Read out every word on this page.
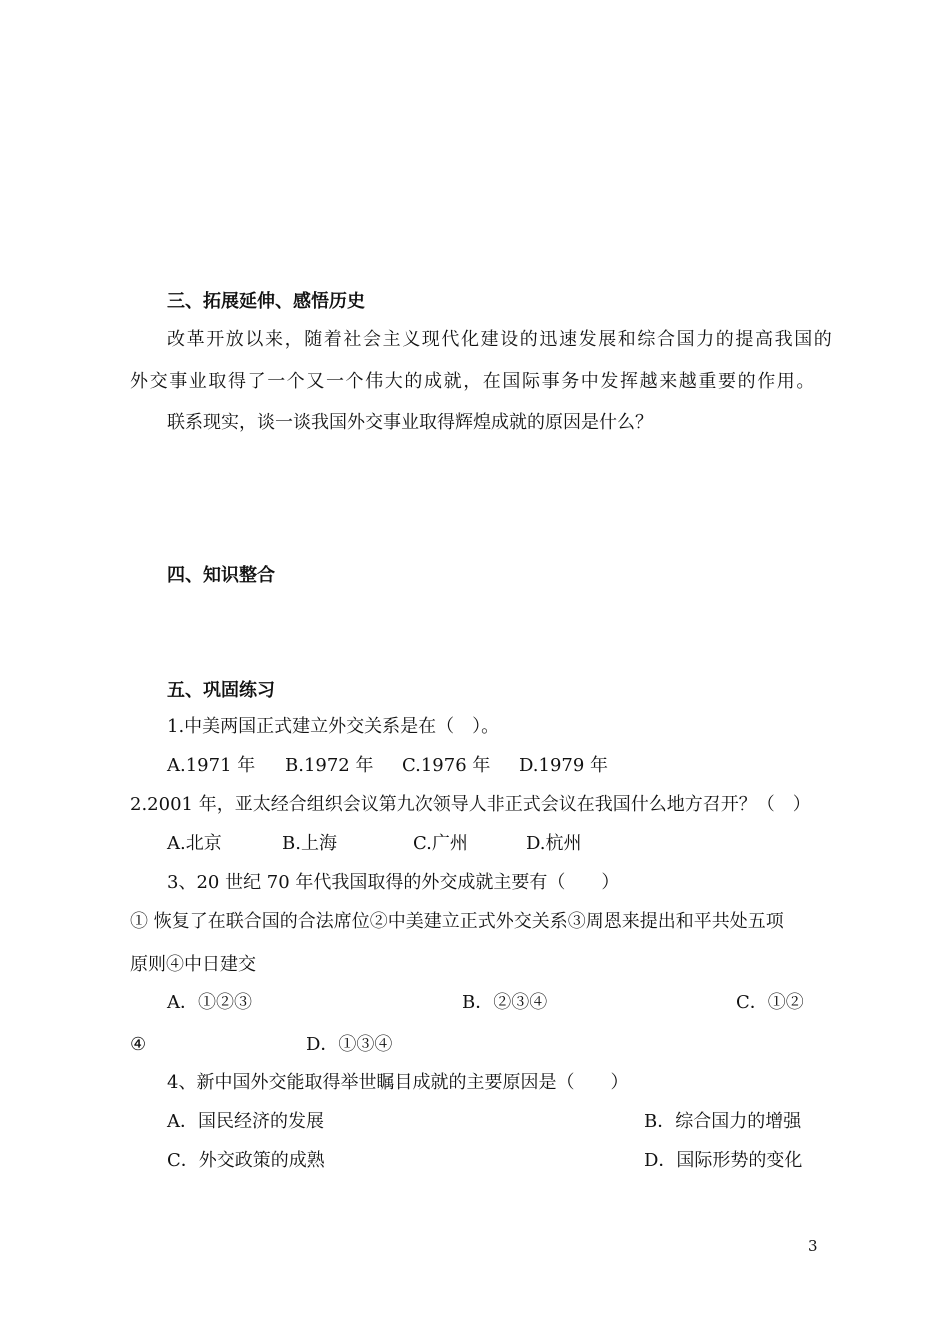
三、拓展延伸、感悟历史
改革开放以来，随着社会主义现代化建设的迅速发展和综合国力的提高我国的
外交事业取得了一个又一个伟大的成就，在国际事务中发挥越来越重要的作用。
联系现实，谈一谈我国外交事业取得辉煌成就的原因是什么？
四、知识整合
五、巩固练习
1.中美两国正式建立外交关系是在（　）。
A.1971 年 B.1972 年 C.1976 年 D.1979 年
2.2001 年，亚太经合组织会议第九次领导人非正式会议在我国什么地方召开？（　）
A.北京	B.上海	C.广州	D.杭州
3、20 世纪 70 年代我国取得的外交成就主要有（　　）
① 恢复了在联合国的合法席位②中美建立正式外交关系③周恩来提出和平共处五项
原则④中日建交
A．①②③	B．②③④	C．①②
④	D．①③④
4、新中国外交能取得举世瞩目成就的主要原因是（　　）
A．国民经济的发展	B．综合国力的增强
C．外交政策的成熟	D．国际形势的变化
3
